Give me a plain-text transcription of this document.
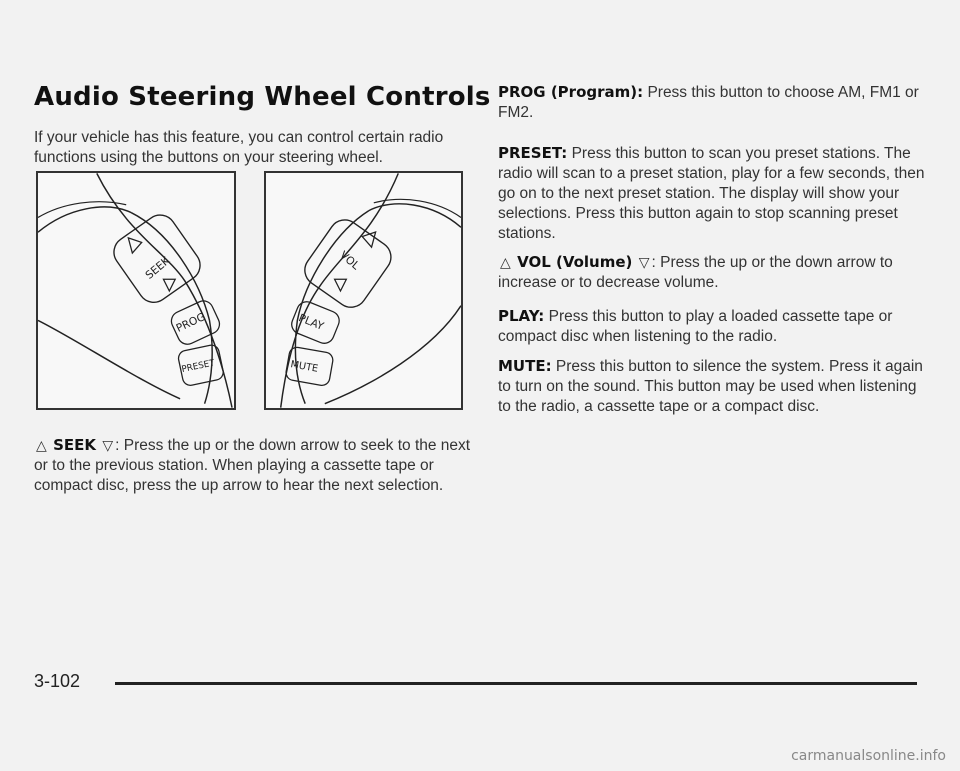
Audio Steering Wheel Controls

If your vehicle has this feature, you can control certain radio functions using the buttons on your steering wheel.

SEEK
PROG
PRESET
VOL
PLAY
MUTE

△ SEEK ▽ : Press the up or the down arrow to seek to the next or to the previous station. When playing a cassette tape or compact disc, press the up arrow to hear the next selection.

PROG (Program): Press this button to choose AM, FM1 or FM2.

PRESET: Press this button to scan you preset stations. The radio will scan to a preset station, play for a few seconds, then go on to the next preset station. The display will show your selections. Press this button again to stop scanning preset stations.

△ VOL (Volume) ▽ : Press the up or the down arrow to increase or to decrease volume.

PLAY: Press this button to play a loaded cassette tape or compact disc when listening to the radio.

MUTE: Press this button to silence the system. Press it again to turn on the sound. This button may be used when listening to the radio, a cassette tape or a compact disc.

3-102
carmanualsonline.info
